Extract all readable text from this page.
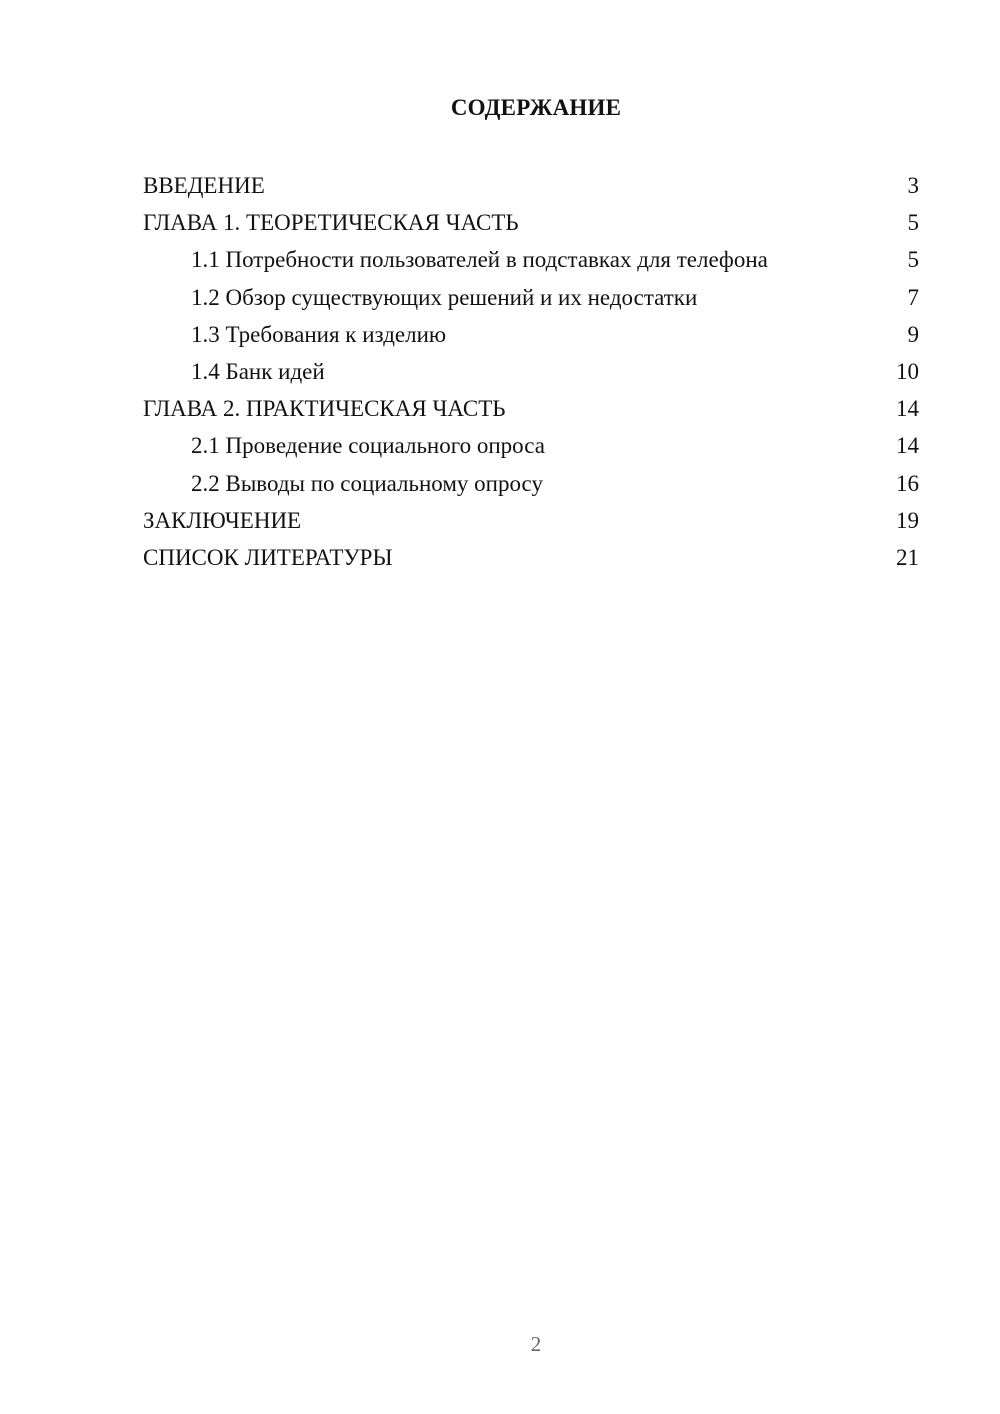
СОДЕРЖАНИЕ
ВВЕДЕНИЕ	3
ГЛАВА 1. ТЕОРЕТИЧЕСКАЯ ЧАСТЬ	5
1.1 Потребности пользователей в подставках для телефона	5
1.2 Обзор существующих решений и их недостатки	7
1.3 Требования к изделию	9
1.4 Банк идей	10
ГЛАВА 2. ПРАКТИЧЕСКАЯ ЧАСТЬ	14
2.1 Проведение социального опроса	14
2.2 Выводы по социальному опросу	16
ЗАКЛЮЧЕНИЕ	19
СПИСОК ЛИТЕРАТУРЫ	21
2
